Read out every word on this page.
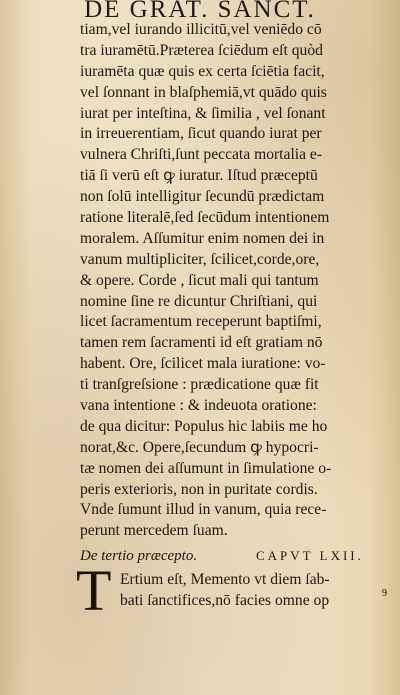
DE GRAT. SANCT.
tiam,vel iurando illicitū,vel veniēdo cō
tra iuramētū.Præterea ſciēdum eſt quòd
iuramēta quæ quis ex certa ſciētia facit,
vel ſonnant in blaſphemiā,vt quādo quis
iurat per inteſtina, & ſimilia , vel ſonant
in irreuerentiam, ſicut quando iurat per
vulnera Chriſti,ſunt peccata mortalia e-
tiā ſi verū eſt ꝙ iuratur. Iſtud præceptū
non ſolū intelligitur ſecundū prædictam
ratione literalē,ſed ſecūdum intentionem
moralem. Aſſumitur enim nomen dei in
vanum multipliciter, ſcilicet,corde,ore,
& opere. Corde , ſicut mali qui tantum
nomine ſine re dicuntur Chriſtiani, qui
licet ſacramentum receperunt baptiſmi,
tamen rem ſacramenti id eſt gratiam nō
habent. Ore, ſcilicet mala iuratione: vo-
ti tranſgreſsione : prædicatione quæ fit
vana intentione : & indeuota oratione:
de qua dicitur: Populus hic labiis me ho
norat,&c. Opere,ſecundum ꝙ hypocri-
tæ nomen dei aſſumunt in ſimulatione o-
peris exterioris, non in puritate cordis.
Vnde ſumunt illud in vanum, quia rece-
perunt mercedem ſuam.
De tertio præcepto.	CAPVT LXII.
T Ertium eſt, Memento vt diem ſab-
bati ſanctifices,nō facies omne op	9
